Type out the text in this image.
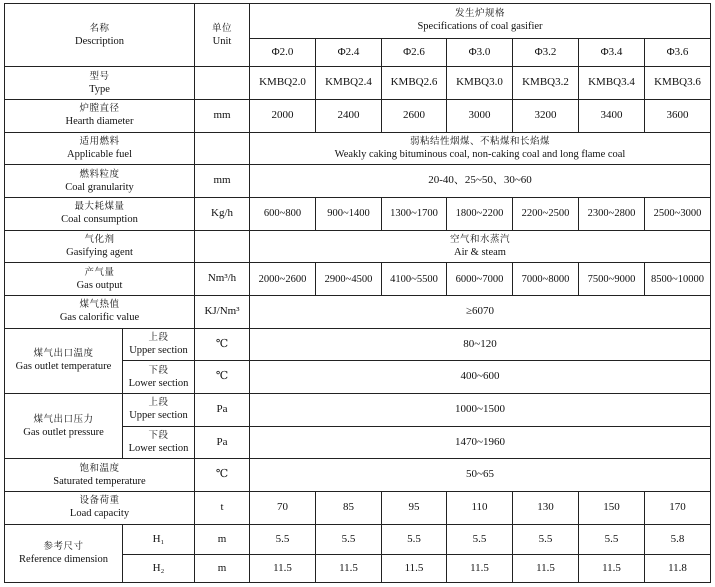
名称
Description		单位
Unit	发生炉规格
Specifications of coal gasifier						

			Φ2.0	Φ2.4	Φ2.6	Φ3.0	Φ3.2	Φ3.4	Φ3.6

型号
Type			KMBQ2.0	KMBQ2.4	KMBQ2.6	KMBQ3.0	KMBQ3.2	KMBQ3.4	KMBQ3.6

炉膛直径
Hearth diameter		mm	2000	2400	2600	3000	3200	3400	3600

适用燃料
Applicable fuel			弱粘结性烟煤、不粘煤和长焰煤
Weakly caking bituminous coal, non-caking coal and long flame coal						

燃料粒度
Coal granularity		mm	20-40、25~50、30~60						

最大耗煤量
Coal consumption		Kg/h	600~800	900~1400	1300~1700	1800~2200	2200~2500	2300~2800	2500~3000

气化剂
Gasifying agent			空气和水蒸汽
Air & steam						

产气量
Gas output		Nm³/h	2000~2600	2900~4500	4100~5500	6000~7000	7000~8000	7500~9000	8500~10000

煤气热值
Gas calorific value		KJ/Nm³	≥6070						

煤气出口温度
Gas outlet temperature	上段
Upper section	℃	80~120						

	下段
Lower section	℃	400~600						

煤气出口压力
Gas outlet pressure	上段
Upper section	Pa	1000~1500						

	下段
Lower section	Pa	1470~1960						

饱和温度
Saturated temperature		℃	50~65						

设备荷重
Load capacity		t	70	85	95	110	130	150	170

参考尺寸
Reference dimension	H₁	m	5.5	5.5	5.5	5.5	5.5	5.5	5.8
	H₂	m	11.5	11.5	11.5	11.5	11.5	11.5	11.8
